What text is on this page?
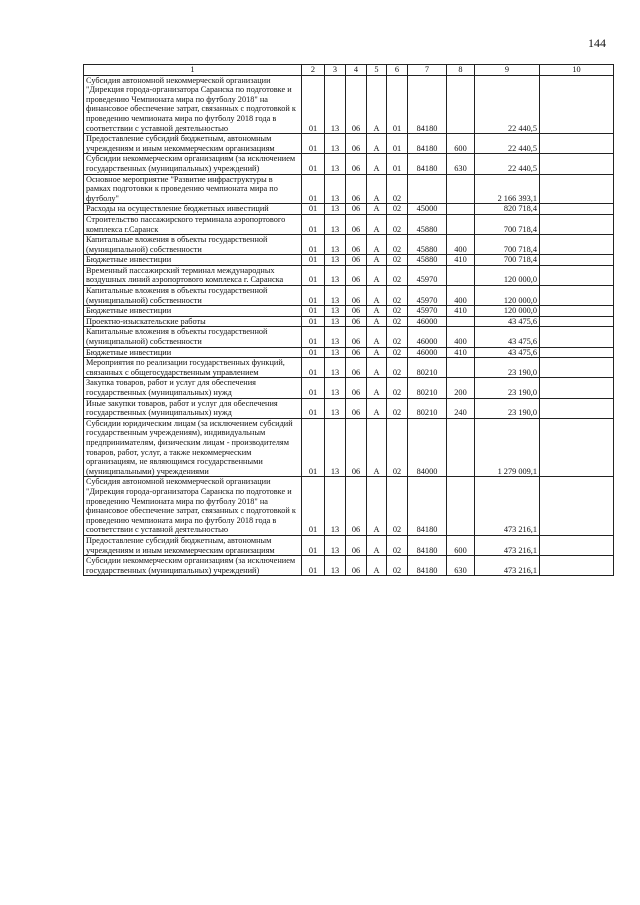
144
1	2	3	4	5	6	7	8	9	10
Субсидия автономной некоммерческой организации "Дирекция города-организатора Саранска по подготовке и проведению Чемпионата мира по футболу 2018" на финансовое обеспечение затрат, связанных с подготовкой к проведению чемпионата мира по футболу 2018 года в соответствии с уставной деятельностью	01	13	06	А	01	84180		22 440,5	
Предоставление субсидий бюджетным, автономным учреждениям и иным некоммерческим организациям	01	13	06	А	01	84180	600	22 440,5	
Субсидии некоммерческим организациям (за исключением государственных (муниципальных) учреждений)	01	13	06	А	01	84180	630	22 440,5	
Основное мероприятие "Развитие инфраструктуры в рамках подготовки к проведению чемпионата мира по футболу"	01	13	06	А	02			2 166 393,1	
Расходы на осуществление бюджетных инвестиций	01	13	06	А	02	45000		820 718,4	
Строительство пассажирского терминала аэропортового комплекса г.Саранск	01	13	06	А	02	45880		700 718,4	
Капитальные вложения в объекты государственной (муниципальной) собственности	01	13	06	А	02	45880	400	700 718,4	
Бюджетные инвестиции	01	13	06	А	02	45880	410	700 718,4	
Временный пассажирский терминал международных воздушных линий аэропортового комплекса г. Саранска	01	13	06	А	02	45970		120 000,0	
Капитальные вложения в объекты государственной (муниципальной) собственности	01	13	06	А	02	45970	400	120 000,0	
Бюджетные инвестиции	01	13	06	А	02	45970	410	120 000,0	
Проектно-изыскательские работы	01	13	06	А	02	46000		43 475,6	
Капитальные вложения в объекты государственной (муниципальной) собственности	01	13	06	А	02	46000	400	43 475,6	
Бюджетные инвестиции	01	13	06	А	02	46000	410	43 475,6	
Мероприятия по реализации государственных функций, связанных с общегосударственным управлением	01	13	06	А	02	80210		23 190,0	
Закупка товаров, работ и услуг для обеспечения государственных (муниципальных) нужд	01	13	06	А	02	80210	200	23 190,0	
Иные закупки товаров, работ и услуг для обеспечения государственных (муниципальных) нужд	01	13	06	А	02	80210	240	23 190,0	
Субсидии юридическим лицам (за исключением субсидий государственным учреждениям), индивидуальным предпринимателям, физическим лицам - производителям товаров, работ, услуг, а также некоммерческим организациям, не являющимся государственными (муниципальными) учреждениями	01	13	06	А	02	84000		1 279 009,1	
Субсидия автономной некоммерческой организации "Дирекция города-организатора Саранска по подготовке и проведению Чемпионата мира по футболу 2018" на финансовое обеспечение затрат, связанных с подготовкой к проведению чемпионата мира по футболу 2018 года в соответствии с уставной деятельностью	01	13	06	А	02	84180		473 216,1	
Предоставление субсидий бюджетным, автономным учреждениям и иным некоммерческим организациям	01	13	06	А	02	84180	600	473 216,1	
Субсидии некоммерческим организациям (за исключением государственных (муниципальных) учреждений)	01	13	06	А	02	84180	630	473 216,1	
